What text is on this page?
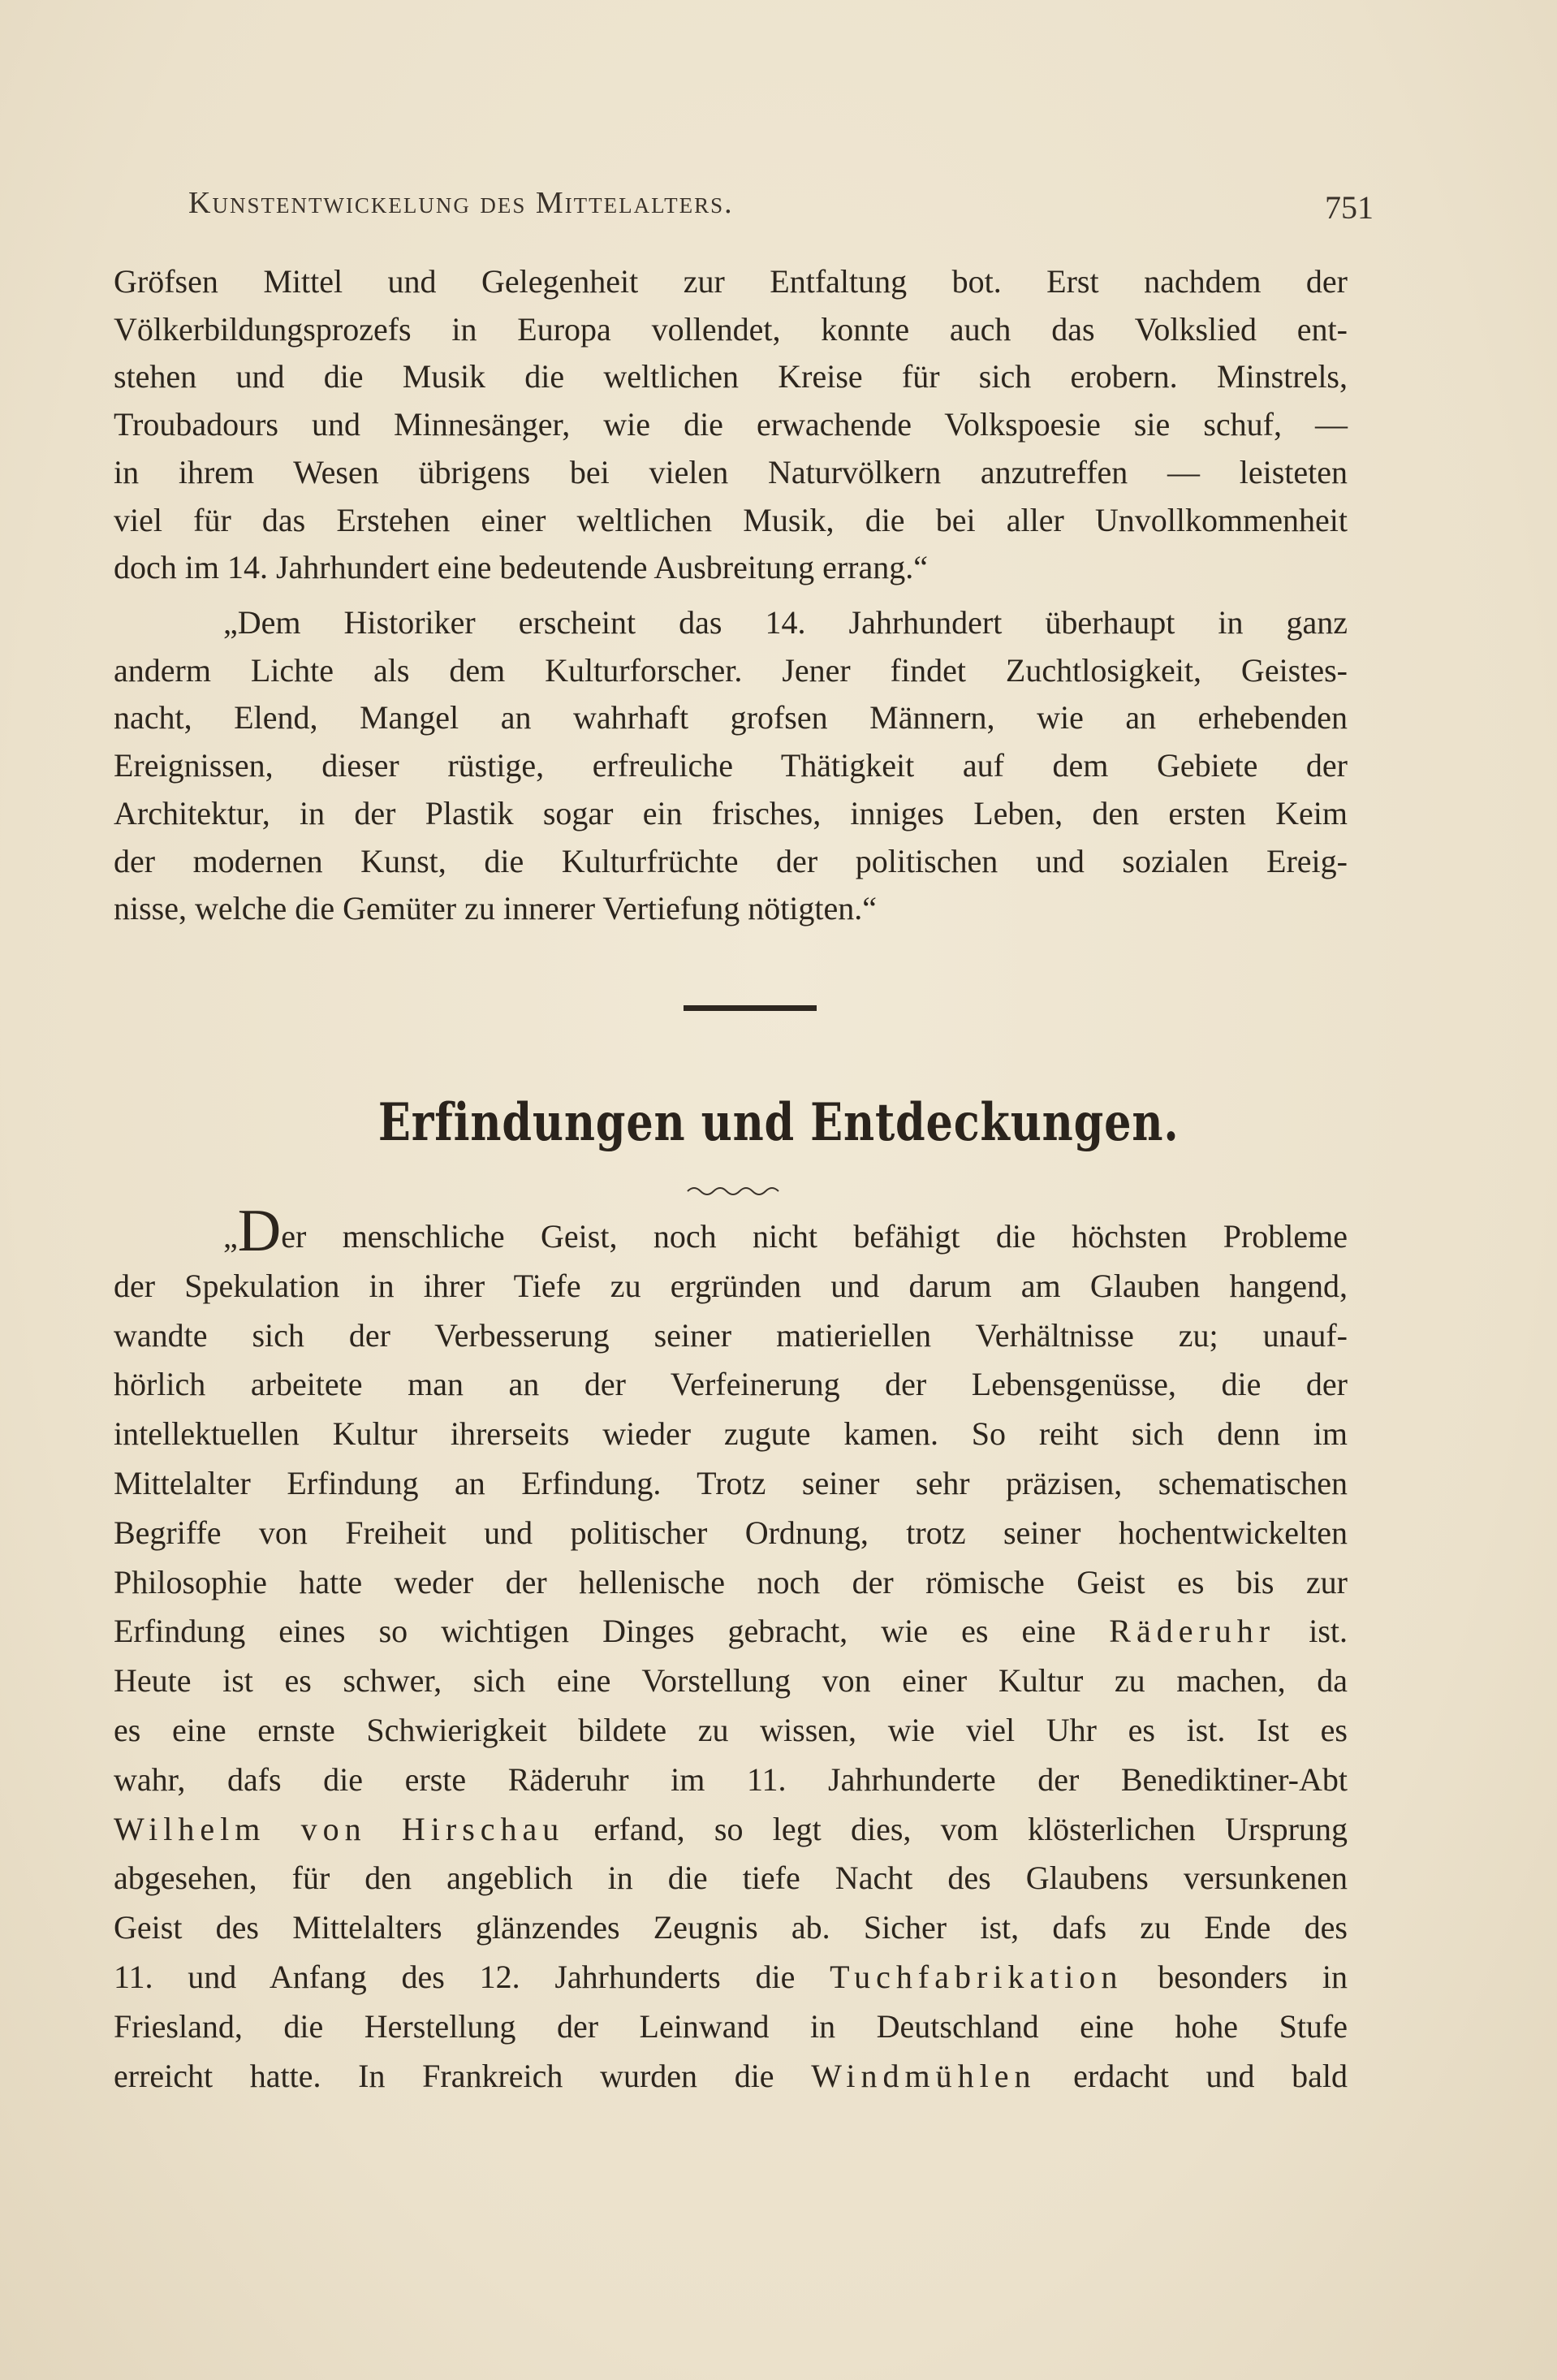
Kunstentwickelung des Mittelalters.	751
Gröfsen Mittel und Gelegenheit zur Entfaltung bot. Erst nachdem der
Völkerbildungsprozefs in Europa vollendet, konnte auch das Volkslied ent-
stehen und die Musik die weltlichen Kreise für sich erobern. Minstrels,
Troubadours und Minnesänger, wie die erwachende Volkspoesie sie schuf, —
in ihrem Wesen übrigens bei vielen Naturvölkern anzutreffen — leisteten
viel für das Erstehen einer weltlichen Musik, die bei aller Unvollkommenheit
doch im 14. Jahrhundert eine bedeutende Ausbreitung errang.“
„Dem Historiker erscheint das 14. Jahrhundert überhaupt in ganz
anderm Lichte als dem Kulturforscher. Jener findet Zuchtlosigkeit, Geistes-
nacht, Elend, Mangel an wahrhaft grofsen Männern, wie an erhebenden
Ereignissen, dieser rüstige, erfreuliche Thätigkeit auf dem Gebiete der
Architektur, in der Plastik sogar ein frisches, inniges Leben, den ersten Keim
der modernen Kunst, die Kulturfrüchte der politischen und sozialen Ereig-
nisse, welche die Gemüter zu innerer Vertiefung nötigten.“
Erfindungen und Entdeckungen.
„Der menschliche Geist, noch nicht befähigt die höchsten Probleme
der Spekulation in ihrer Tiefe zu ergründen und darum am Glauben hangend,
wandte sich der Verbesserung seiner matieriellen Verhältnisse zu; unauf-
hörlich arbeitete man an der Verfeinerung der Lebensgenüsse, die der
intellektuellen Kultur ihrerseits wieder zugute kamen. So reiht sich denn im
Mittelalter Erfindung an Erfindung. Trotz seiner sehr präzisen, schematischen
Begriffe von Freiheit und politischer Ordnung, trotz seiner hochentwickelten
Philosophie hatte weder der hellenische noch der römische Geist es bis zur
Erfindung eines so wichtigen Dinges gebracht, wie es eine Räderuhr ist.
Heute ist es schwer, sich eine Vorstellung von einer Kultur zu machen, da
es eine ernste Schwierigkeit bildete zu wissen, wie viel Uhr es ist. Ist es
wahr, dafs die erste Räderuhr im 11. Jahrhunderte der Benediktiner-Abt
Wilhelm von Hirschau erfand, so legt dies, vom klösterlichen Ursprung
abgesehen, für den angeblich in die tiefe Nacht des Glaubens versunkenen
Geist des Mittelalters glänzendes Zeugnis ab. Sicher ist, dafs zu Ende des
11. und Anfang des 12. Jahrhunderts die Tuchfabrikation besonders in
Friesland, die Herstellung der Leinwand in Deutschland eine hohe Stufe
erreicht hatte. In Frankreich wurden die Windmühlen erdacht und bald
